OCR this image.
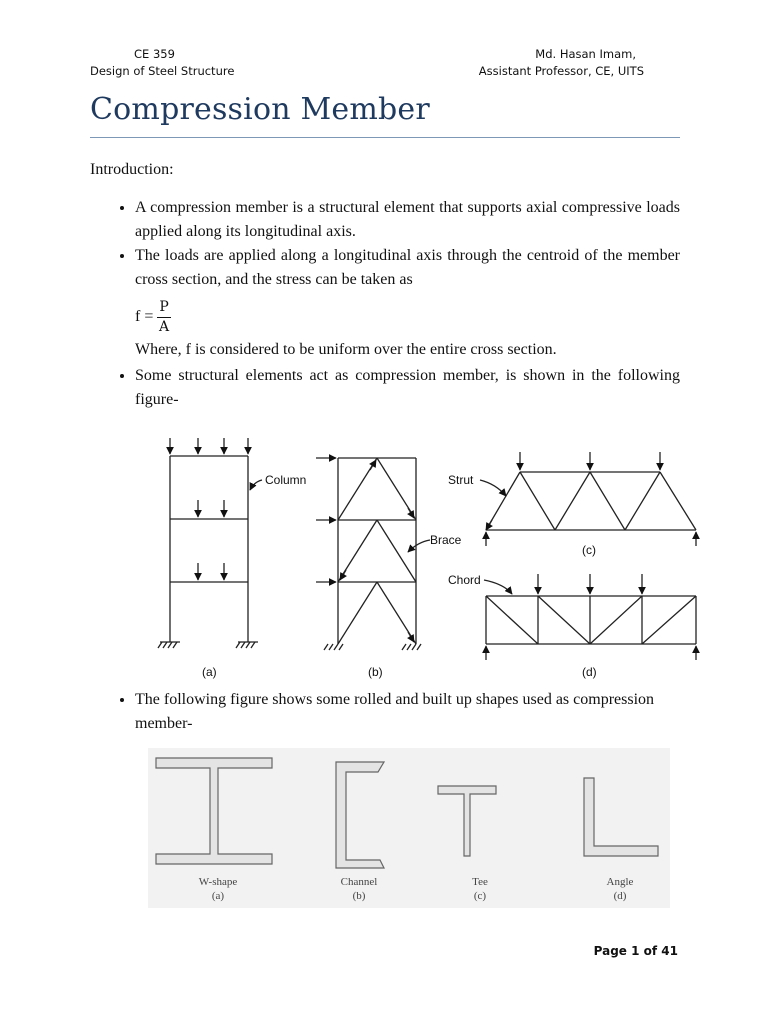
CE 359
Design of Steel Structure
Md. Hasan Imam,
Assistant Professor, CE, UITS
Compression Member

Introduction:

• A compression member is a structural element that supports axial compressive loads applied along its longitudinal axis.
• The loads are applied along a longitudinal axis through the centroid of the member cross section, and the stress can be taken as
$f = \frac{P}{A}$
Where, f is considered to be uniform over the entire cross section.
• Some structural elements act as compression member, is shown in the following figure-
Column	Strut
Brace
Chord
(a)	(b)
(c)
(d)
• The following figure shows some rolled and built up shapes used as compression member-
W-shape
(a)
Channel
(b)
Tee
(c)
Angle
(d)
Page 1 of 41
